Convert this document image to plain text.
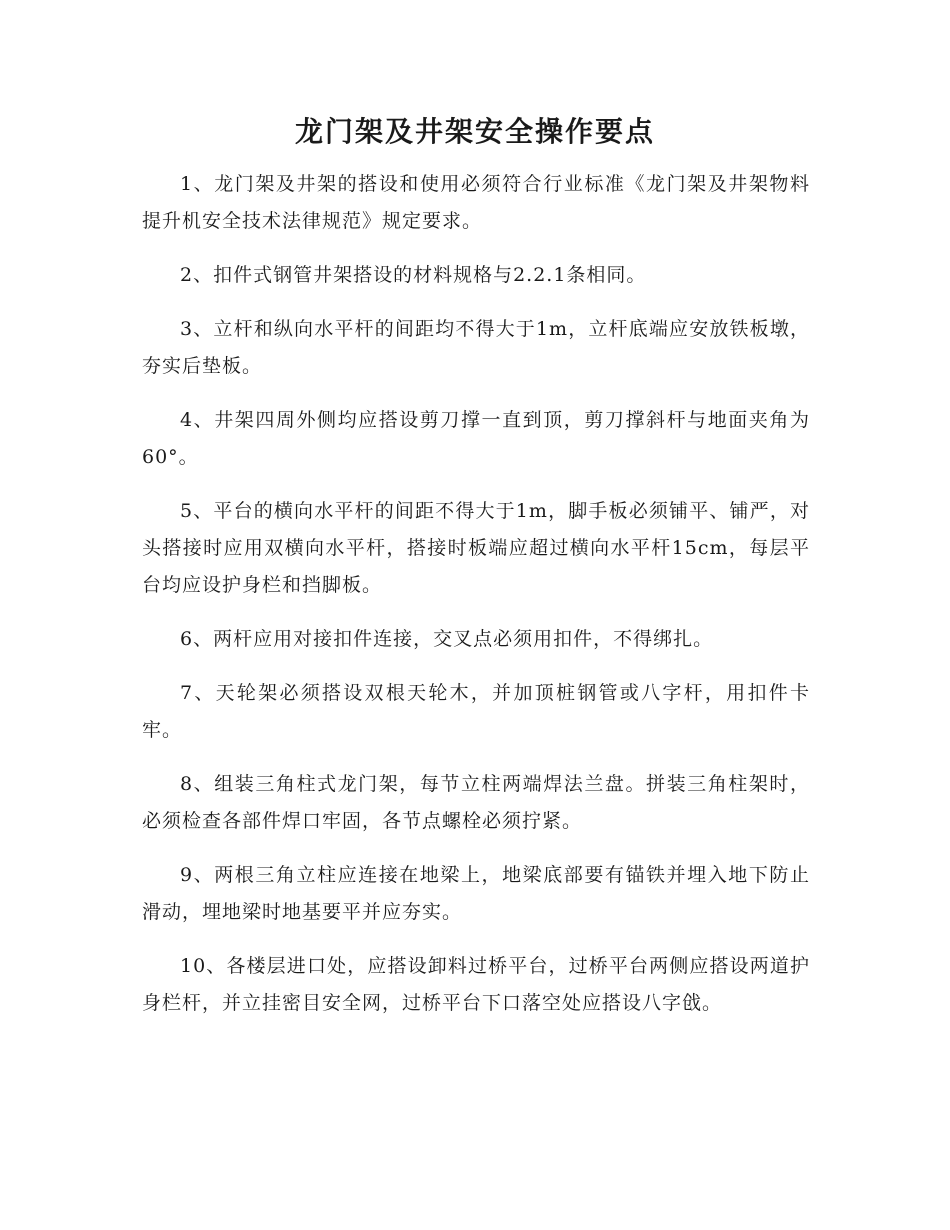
龙门架及井架安全操作要点

1、龙门架及井架的搭设和使用必须符合行业标准《龙门架及井架物料提升机安全技术法律规范》规定要求。

2、扣件式钢管井架搭设的材料规格与2.2.1条相同。

3、立杆和纵向水平杆的间距均不得大于1m，立杆底端应安放铁板墩，夯实后垫板。

4、井架四周外侧均应搭设剪刀撑一直到顶，剪刀撑斜杆与地面夹角为60°。

5、平台的横向水平杆的间距不得大于1m，脚手板必须铺平、铺严，对头搭接时应用双横向水平杆，搭接时板端应超过横向水平杆15cm，每层平台均应设护身栏和挡脚板。

6、两杆应用对接扣件连接，交叉点必须用扣件，不得绑扎。

7、天轮架必须搭设双根天轮木，并加顶桩钢管或八字杆，用扣件卡牢。

8、组装三角柱式龙门架，每节立柱两端焊法兰盘。拼装三角柱架时，必须检查各部件焊口牢固，各节点螺栓必须拧紧。

9、两根三角立柱应连接在地梁上，地梁底部要有锚铁并埋入地下防止滑动，埋地梁时地基要平并应夯实。

10、各楼层进口处，应搭设卸料过桥平台，过桥平台两侧应搭设两道护身栏杆，并立挂密目安全网，过桥平台下口落空处应搭设八字戗。
